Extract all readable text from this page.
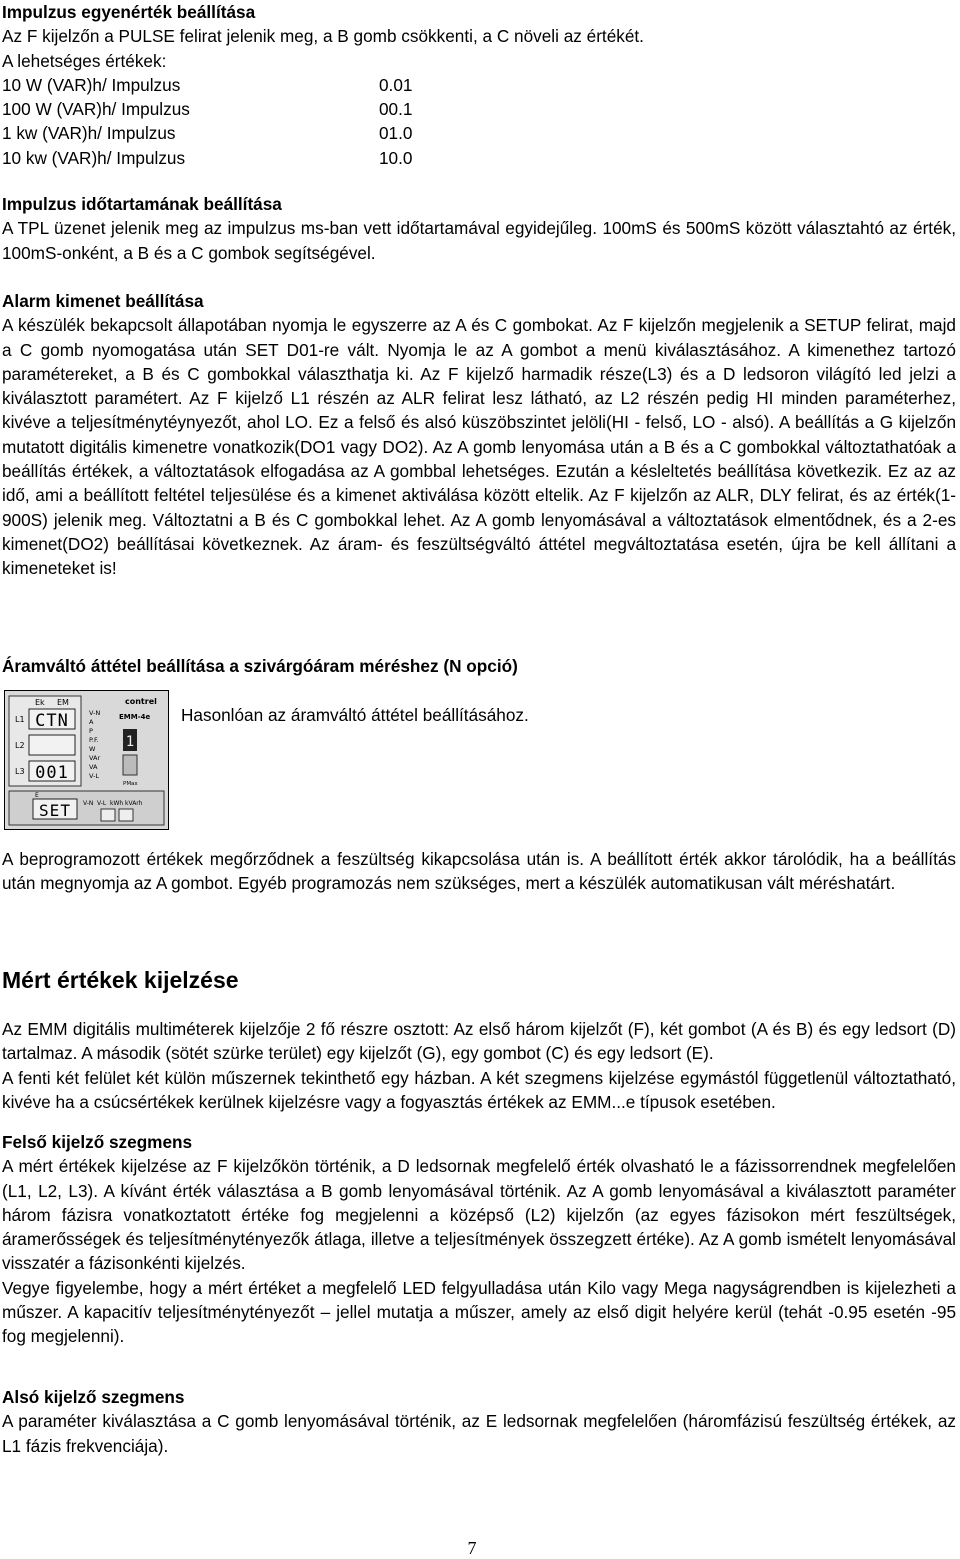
Impulzus egyenérték beállítása

Az F kijelzőn a PULSE felirat jelenik meg, a B gomb csökkenti, a C növeli az értékét.

A lehetséges értékek:

10 W (VAR)h/ Impulzus	0.01
100 W (VAR)h/ Impulzus	00.1
1 kw (VAR)h/ Impulzus	01.0
10 kw (VAR)h/ Impulzus	10.0

Impulzus időtartamának beállítása

A TPL üzenet jelenik meg az impulzus ms-ban vett időtartamával egyidejűleg. 100mS és 500mS között választahtó az érték, 100mS-onként, a B és a C gombok segítségével.

Alarm kimenet beállítása

A készülék bekapcsolt állapotában nyomja le egyszerre az A és C gombokat. Az F kijelzőn megjelenik a SETUP felirat, majd a C gomb nyomogatása után SET D01-re vált. Nyomja le az A gombot a menü kiválasztásához. A kimenethez tartozó paramétereket, a B és C gombokkal választhatja ki. Az F kijelző harmadik része(L3) és a D ledsoron világító led jelzi a kiválasztott paramétert. Az F kijelző L1 részén az ALR felirat lesz látható, az L2 részén pedig HI minden paraméterhez, kivéve a teljesítménytéynyezőt, ahol LO. Ez a felső és alsó küszöbszintet jelöli(HI - felső, LO - alsó). A beállítás a G kijelzőn mutatott digitális kimenetre vonatkozik(DO1 vagy DO2). Az A gomb lenyomása után a B és a C gombokkal változtathatóak a beállítás értékek, a változtatások elfogadása az A gombbal lehetséges. Ezután a késleltetés beállítása következik. Ez az az idő, ami a beállított feltétel teljesülése és a kimenet aktiválása között eltelik. Az F kijelzőn az ALR, DLY felirat, és az érték(1-900S) jelenik meg. Változtatni a B és C gombokkal lehet. Az A gomb lenyomásával a változtatások elmentődnek, és a 2-es kimenet(DO2) beállításai következnek. Az áram- és feszültségváltó áttétel megváltoztatása esetén, újra be kell állítani a kimeneteket is!

Áramváltó áttétel beállítása a szivárgóáram méréshez (N opció)

Ek EM
L1
L2
L3
CTN
001
V-N
A
P
P.F.
W
VAr
VA
V-L
contrel
EMM-4e
1
PMax
E
SET V-N V-L kWh kVArh

Hasonlóan az áramváltó áttétel beállításához.

A beprogramozott értékek megőrződnek a feszültség kikapcsolása után is. A beállított érték akkor tárolódik, ha a beállítás után megnyomja az A gombot. Egyéb programozás nem szükséges, mert a készülék automatikusan vált méréshatárt.

Mért értékek kijelzése

Az EMM digitális multiméterek kijelzője 2 fő részre osztott: Az első három kijelzőt (F), két gombot (A és B) és egy ledsort (D) tartalmaz. A második (sötét szürke terület) egy kijelzőt (G), egy gombot (C) és egy ledsort (E).

A fenti két felület két külön műszernek tekinthető egy házban. A két szegmens kijelzése egymástól függetlenül változtatható, kivéve ha a csúcsértékek kerülnek kijelzésre vagy a fogyasztás értékek az EMM...e típusok esetében.

Felső kijelző szegmens

A mért értékek kijelzése az F kijelzőkön történik, a D ledsornak megfelelő érték olvasható le a fázissorrendnek megfelelően (L1, L2, L3). A kívánt érték választása a B gomb lenyomásával történik. Az A gomb lenyomásával a kiválasztott paraméter három fázisra vonatkoztatott értéke fog megjelenni a középső (L2) kijelzőn (az egyes fázisokon mért feszültségek, áramerősségek és teljesítménytényezők átlaga, illetve a teljesítmények összegzett értéke). Az A gomb ismételt lenyomásával visszatér a fázisonkénti kijelzés.

Vegye figyelembe, hogy a mért értéket a megfelelő LED felgyulladása után Kilo vagy Mega nagyságrendben is kijelezheti a műszer. A kapacitív teljesítménytényezőt – jellel mutatja a műszer, amely az első digit helyére kerül (tehát -0.95 esetén -95 fog megjelenni).

Alsó kijelző szegmens

A paraméter kiválasztása a C gomb lenyomásával történik, az E ledsornak megfelelően (háromfázisú feszültség értékek, az L1 fázis frekvenciája).

7
